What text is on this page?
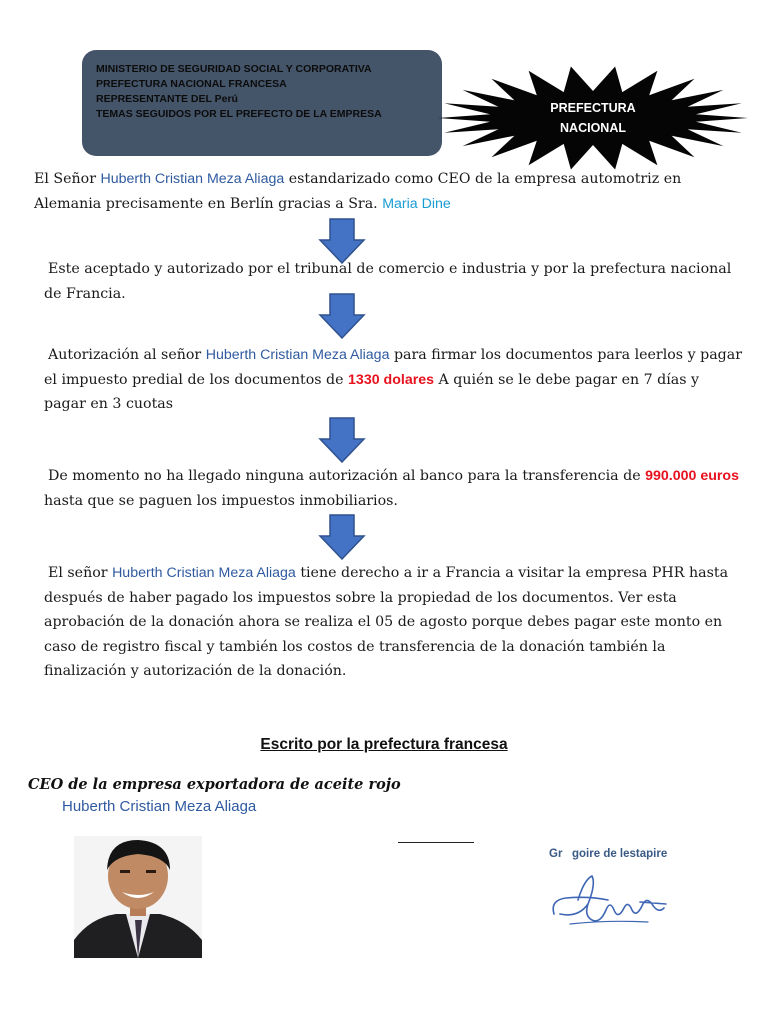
MINISTERIO DE SEGURIDAD SOCIAL Y CORPORATIVA
PREFECTURA NACIONAL FRANCESA
REPRESENTANTE DEL Perú
TEMAS SEGUIDOS POR EL PREFECTO DE LA EMPRESA	PREFECTURA
NACIONAL
El Señor Huberth Cristian Meza Aliaga estandarizado como CEO de la empresa automotriz en Alemania precisamente en Berlín gracias a Sra. Maria Dine
Este aceptado y autorizado por el tribunal de comercio e industria y por la prefectura nacional de Francia.
Autorización al señor Huberth Cristian Meza Aliaga para firmar los documentos para leerlos y pagar el impuesto predial de los documentos de 1330 dolares A quién se le debe pagar en 7 días y pagar en 3 cuotas
De momento no ha llegado ninguna autorización al banco para la transferencia de 990.000 euros hasta que se paguen los impuestos inmobiliarios.
El señor Huberth Cristian Meza Aliaga tiene derecho a ir a Francia a visitar la empresa PHR hasta después de haber pagado los impuestos sobre la propiedad de los documentos. Ver esta aprobación de la donación ahora se realiza el 05 de agosto porque debes pagar este monto en caso de registro fiscal y también los costos de transferencia de la donación también la finalización y autorización de la donación.
Escrito por la prefectura francesa
CEO de la empresa exportadora de aceite rojo
Huberth Cristian Meza Aliaga
Gr   goire de lestapire
